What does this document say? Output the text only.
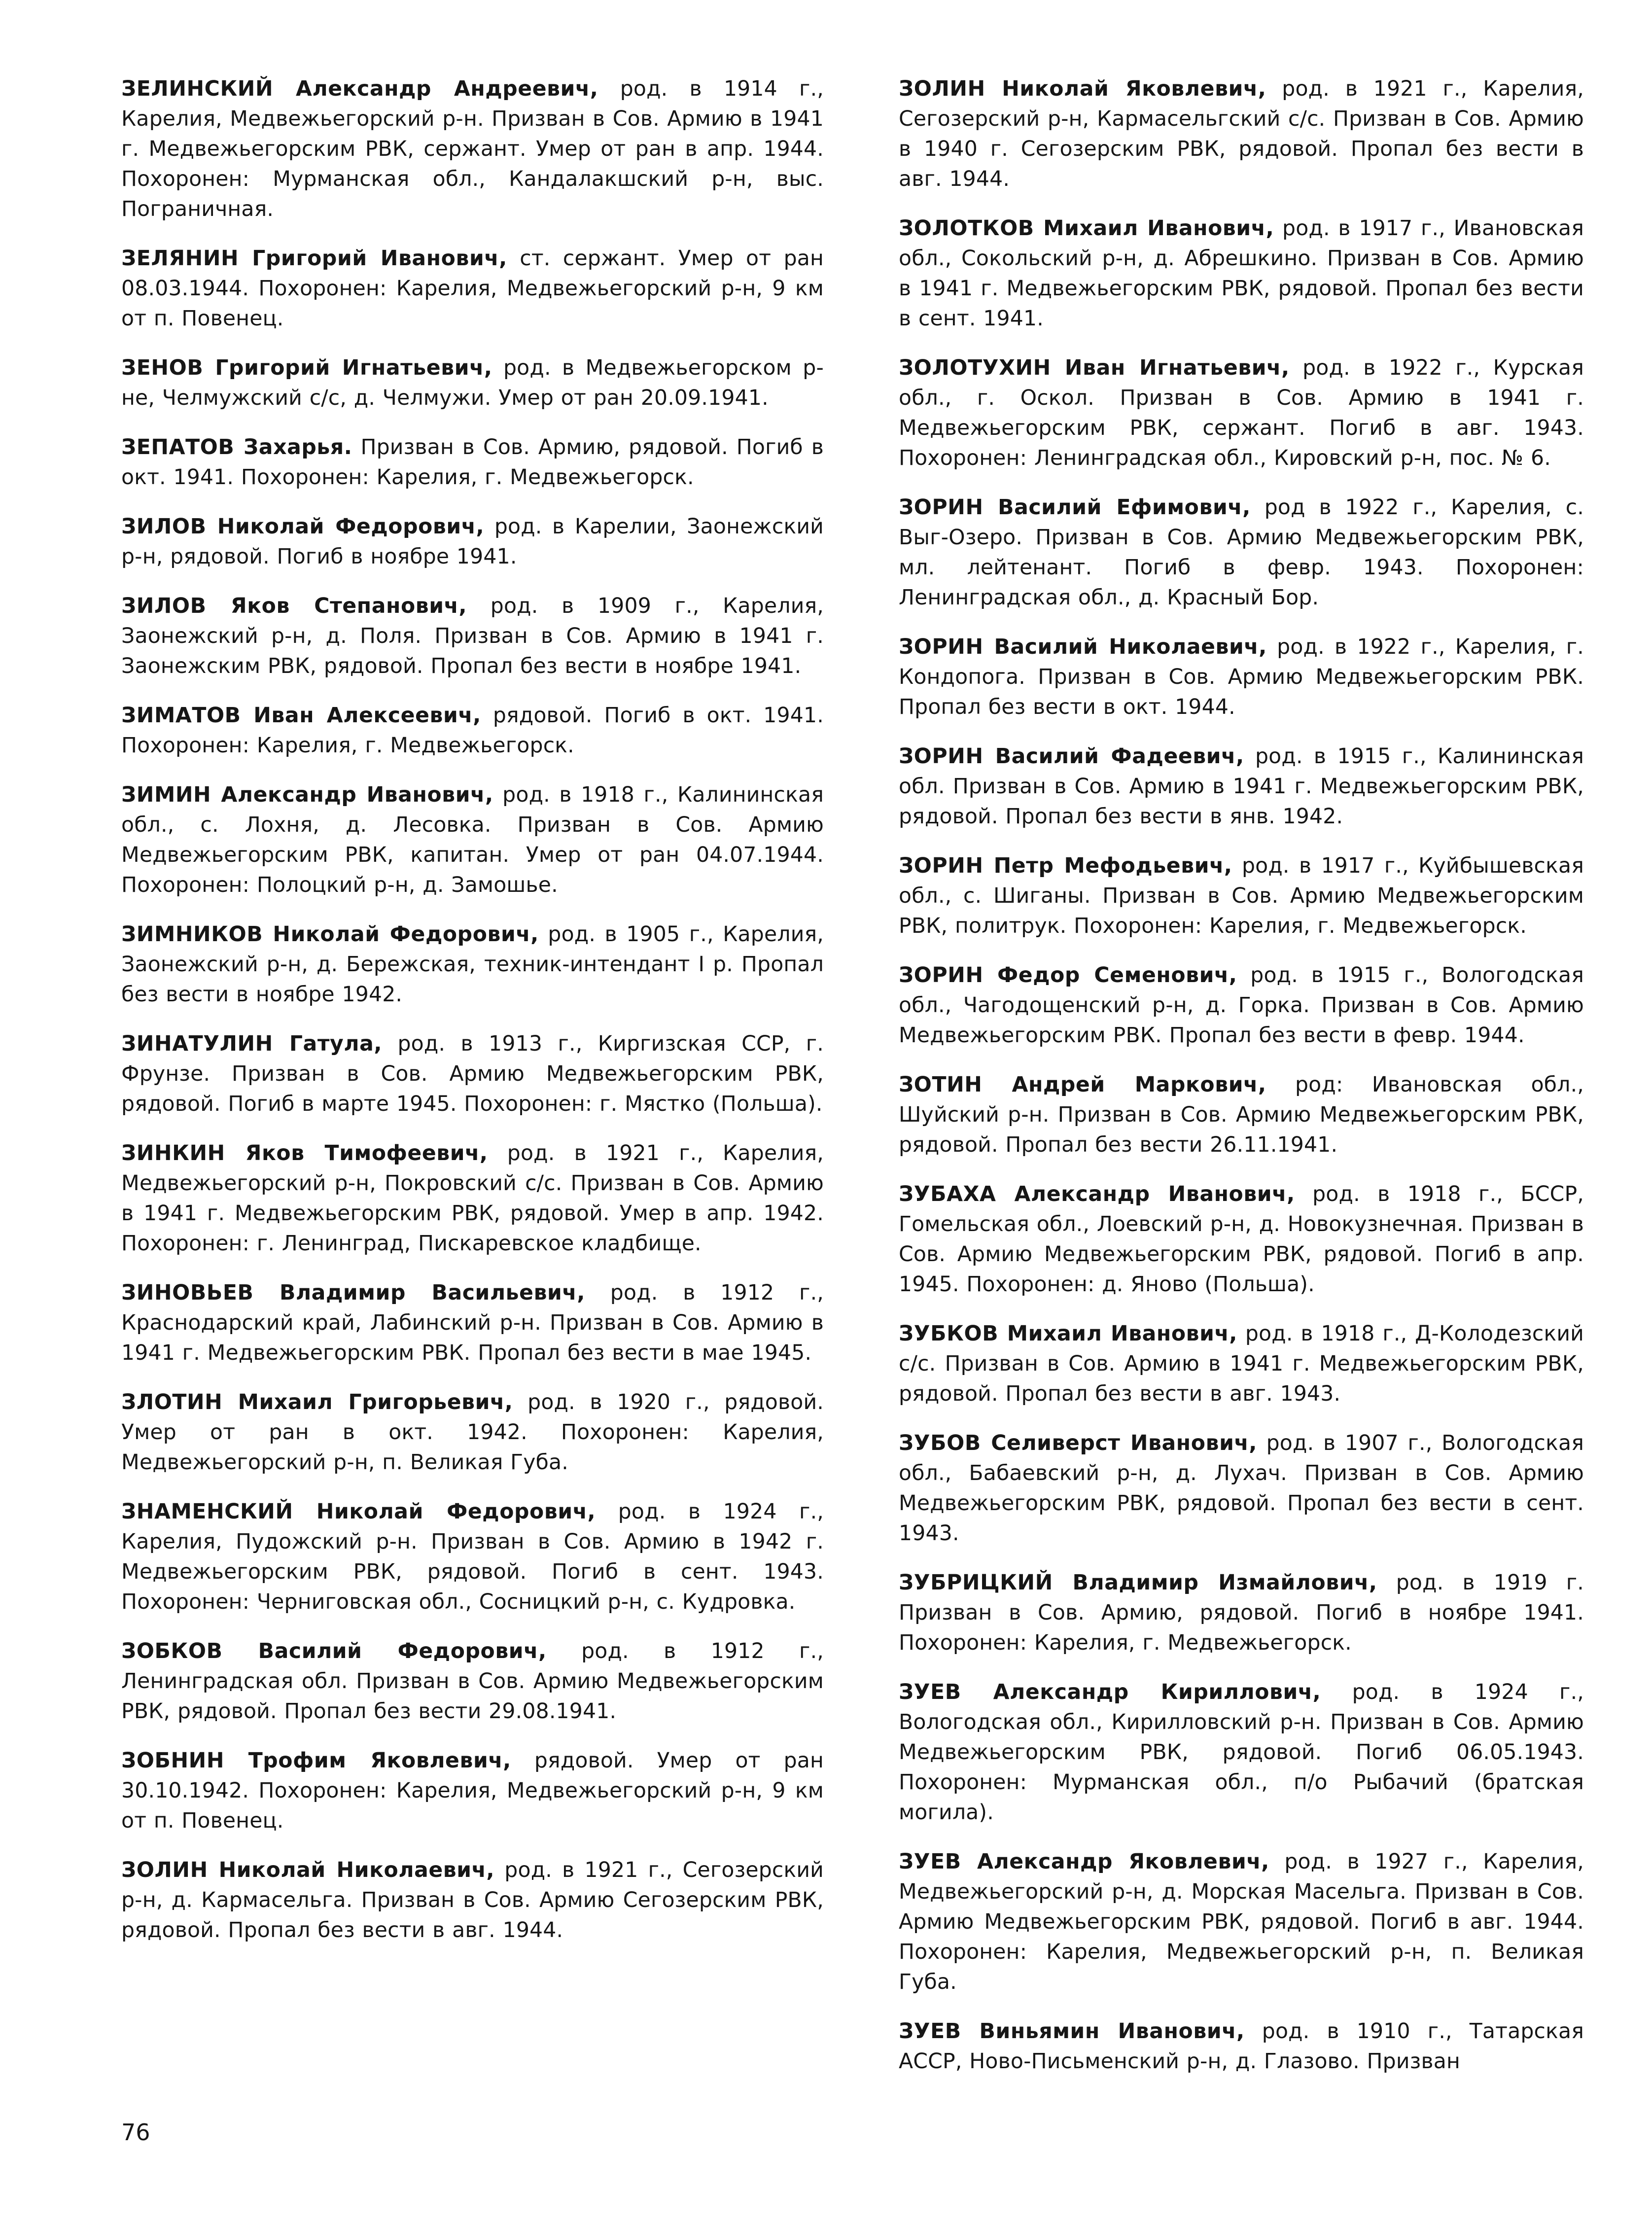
ЗЕЛИНСКИЙ Александр Андреевич, род. в 1914 г., Карелия, Медвежьегорский р-н. Призван в Сов. Армию в 1941 г. Медвежьегорским РВК, сержант. Умер от ран в апр. 1944. Похоронен: Мурманская обл., Кандалакшский р-н, выс. Пограничная.

ЗЕЛЯНИН Григорий Иванович, ст. сержант. Умер от ран 08.03.1944. Похоронен: Карелия, Медвежьегорский р-н, 9 км от п. Повенец.

ЗЕНОВ Григорий Игнатьевич, род. в Медвежьегорском р-не, Челмужский с/с, д. Челмужи. Умер от ран 20.09.1941.

ЗЕПАТОВ Захарья. Призван в Сов. Армию, рядовой. Погиб в окт. 1941. Похоронен: Карелия, г. Медвежьегорск.

ЗИЛОВ Николай Федорович, род. в Карелии, Заонежский р-н, рядовой. Погиб в ноябре 1941.

ЗИЛОВ Яков Степанович, род. в 1909 г., Карелия, Заонежский р-н, д. Поля. Призван в Сов. Армию в 1941 г. Заонежским РВК, рядовой. Пропал без вести в ноябре 1941.

ЗИМАТОВ Иван Алексеевич, рядовой. Погиб в окт. 1941. Похоронен: Карелия, г. Медвежьегорск.

ЗИМИН Александр Иванович, род. в 1918 г., Калининская обл., с. Лохня, д. Лесовка. Призван в Сов. Армию Медвежьегорским РВК, капитан. Умер от ран 04.07.1944. Похоронен: Полоцкий р-н, д. Замошье.

ЗИМНИКОВ Николай Федорович, род. в 1905 г., Карелия, Заонежский р-н, д. Бережская, техник-интендант I р. Пропал без вести в ноябре 1942.

ЗИНАТУЛИН Гатула, род. в 1913 г., Киргизская ССР, г. Фрунзе. Призван в Сов. Армию Медвежьегорским РВК, рядовой. Погиб в марте 1945. Похоронен: г. Мястко (Польша).

ЗИНКИН Яков Тимофеевич, род. в 1921 г., Карелия, Медвежьегорский р-н, Покровский с/с. Призван в Сов. Армию в 1941 г. Медвежьегорским РВК, рядовой. Умер в апр. 1942. Похоронен: г. Ленинград, Пискаревское кладбище.

ЗИНОВЬЕВ Владимир Васильевич, род. в 1912 г., Краснодарский край, Лабинский р-н. Призван в Сов. Армию в 1941 г. Медвежьегорским РВК. Пропал без вести в мае 1945.

ЗЛОТИН Михаил Григорьевич, род. в 1920 г., рядовой. Умер от ран в окт. 1942. Похоронен: Карелия, Медвежьегорский р-н, п. Великая Губа.

ЗНАМЕНСКИЙ Николай Федорович, род. в 1924 г., Карелия, Пудожский р-н. Призван в Сов. Армию в 1942 г. Медвежьегорским РВК, рядовой. Погиб в сент. 1943. Похоронен: Черниговская обл., Сосницкий р-н, с. Кудровка.

ЗОБКОВ Василий Федорович, род. в 1912 г., Ленинградская обл. Призван в Сов. Армию Медвежьегорским РВК, рядовой. Пропал без вести 29.08.1941.

ЗОБНИН Трофим Яковлевич, рядовой. Умер от ран 30.10.1942. Похоронен: Карелия, Медвежьегорский р-н, 9 км от п. Повенец.

ЗОЛИН Николай Николаевич, род. в 1921 г., Сегозерский р-н, д. Кармасельга. Призван в Сов. Армию Сегозерским РВК, рядовой. Пропал без вести в авг. 1944.

ЗОЛИН Николай Яковлевич, род. в 1921 г., Карелия, Сегозерский р-н, Кармасельгский с/с. Призван в Сов. Армию в 1940 г. Сегозерским РВК, рядовой. Пропал без вести в авг. 1944.

ЗОЛОТКОВ Михаил Иванович, род. в 1917 г., Ивановская обл., Сокольский р-н, д. Абрешкино. Призван в Сов. Армию в 1941 г. Медвежьегорским РВК, рядовой. Пропал без вести в сент. 1941.

ЗОЛОТУХИН Иван Игнатьевич, род. в 1922 г., Курская обл., г. Оскол. Призван в Сов. Армию в 1941 г. Медвежьегорским РВК, сержант. Погиб в авг. 1943. Похоронен: Ленинградская обл., Кировский р-н, пос. № 6.

ЗОРИН Василий Ефимович, род в 1922 г., Карелия, с. Выг-Озеро. Призван в Сов. Армию Медвежьегорским РВК, мл. лейтенант. Погиб в февр. 1943. Похоронен: Ленинградская обл., д. Красный Бор.

ЗОРИН Василий Николаевич, род. в 1922 г., Карелия, г. Кондопога. Призван в Сов. Армию Медвежьегорским РВК. Пропал без вести в окт. 1944.

ЗОРИН Василий Фадеевич, род. в 1915 г., Калининская обл. Призван в Сов. Армию в 1941 г. Медвежьегорским РВК, рядовой. Пропал без вести в янв. 1942.

ЗОРИН Петр Мефодьевич, род. в 1917 г., Куйбышевская обл., с. Шиганы. Призван в Сов. Армию Медвежьегорским РВК, политрук. Похоронен: Карелия, г. Медвежьегорск.

ЗОРИН Федор Семенович, род. в 1915 г., Вологодская обл., Чагодощенский р-н, д. Горка. Призван в Сов. Армию Медвежьегорским РВК. Пропал без вести в февр. 1944.

ЗОТИН Андрей Маркович, род: Ивановская обл., Шуйский р-н. Призван в Сов. Армию Медвежьегорским РВК, рядовой. Пропал без вести 26.11.1941.

ЗУБАХА Александр Иванович, род. в 1918 г., БССР, Гомельская обл., Лоевский р-н, д. Новокузнечная. Призван в Сов. Армию Медвежьегорским РВК, рядовой. Погиб в апр. 1945. Похоронен: д. Яново (Польша).

ЗУБКОВ Михаил Иванович, род. в 1918 г., Д-Колодезский с/с. Призван в Сов. Армию в 1941 г. Медвежьегорским РВК, рядовой. Пропал без вести в авг. 1943.

ЗУБОВ Селиверст Иванович, род. в 1907 г., Вологодская обл., Бабаевский р-н, д. Лухач. Призван в Сов. Армию Медвежьегорским РВК, рядовой. Пропал без вести в сент. 1943.

ЗУБРИЦКИЙ Владимир Измайлович, род. в 1919 г. Призван в Сов. Армию, рядовой. Погиб в ноябре 1941. Похоронен: Карелия, г. Медвежьегорск.

ЗУЕВ Александр Кириллович, род. в 1924 г., Вологодская обл., Кирилловский р-н. Призван в Сов. Армию Медвежьегорским РВК, рядовой. Погиб 06.05.1943. Похоронен: Мурманская обл., п/о Рыбачий (братская могила).

ЗУЕВ Александр Яковлевич, род. в 1927 г., Карелия, Медвежьегорский р-н, д. Морская Масельга. Призван в Сов. Армию Медвежьегорским РВК, рядовой. Погиб в авг. 1944. Похоронен: Карелия, Медвежьегорский р-н, п. Великая Губа.

ЗУЕВ Виньямин Иванович, род. в 1910 г., Татарская АССР, Ново-Письменский р-н, д. Глазово. Призван

76
